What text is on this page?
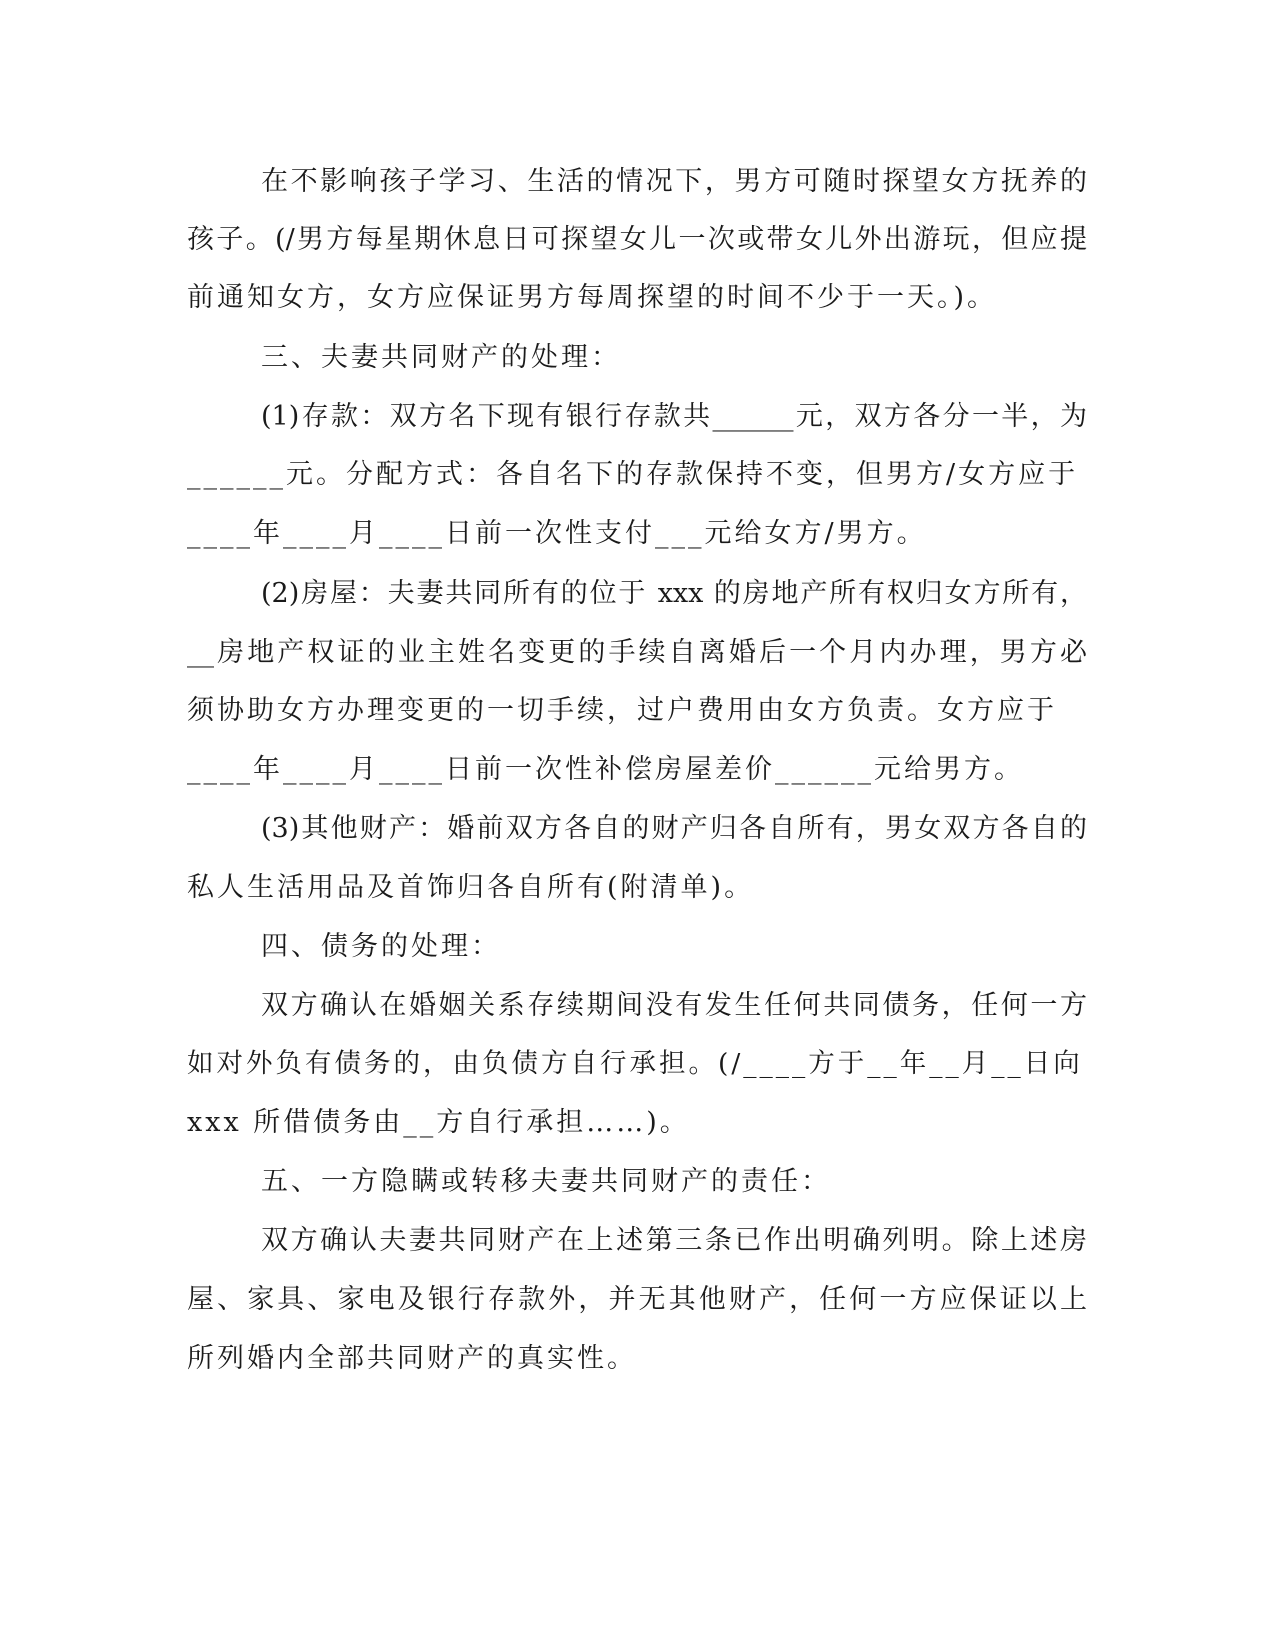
在不影响孩子学习、生活的情况下，男方可随时探望女方抚养的

孩子。(/男方每星期休息日可探望女儿一次或带女儿外出游玩，但应提

前通知女方，女方应保证男方每周探望的时间不少于一天。)。

三、夫妻共同财产的处理：

(1)存款：双方名下现有银行存款共______元，双方各分一半，为

______元。分配方式：各自名下的存款保持不变，但男方/女方应于

____年____月____日前一次性支付___元给女方/男方。

(2)房屋：夫妻共同所有的位于 xxx 的房地产所有权归女方所有，

__房地产权证的业主姓名变更的手续自离婚后一个月内办理，男方必

须协助女方办理变更的一切手续，过户费用由女方负责。女方应于

____年____月____日前一次性补偿房屋差价______元给男方。

(3)其他财产：婚前双方各自的财产归各自所有，男女双方各自的

私人生活用品及首饰归各自所有(附清单)。

四、债务的处理：

双方确认在婚姻关系存续期间没有发生任何共同债务，任何一方

如对外负有债务的，由负债方自行承担。(/____方于__年__月__日向

xxx 所借债务由__方自行承担……)。

五、一方隐瞒或转移夫妻共同财产的责任：

双方确认夫妻共同财产在上述第三条已作出明确列明。除上述房

屋、家具、家电及银行存款外，并无其他财产，任何一方应保证以上

所列婚内全部共同财产的真实性。
